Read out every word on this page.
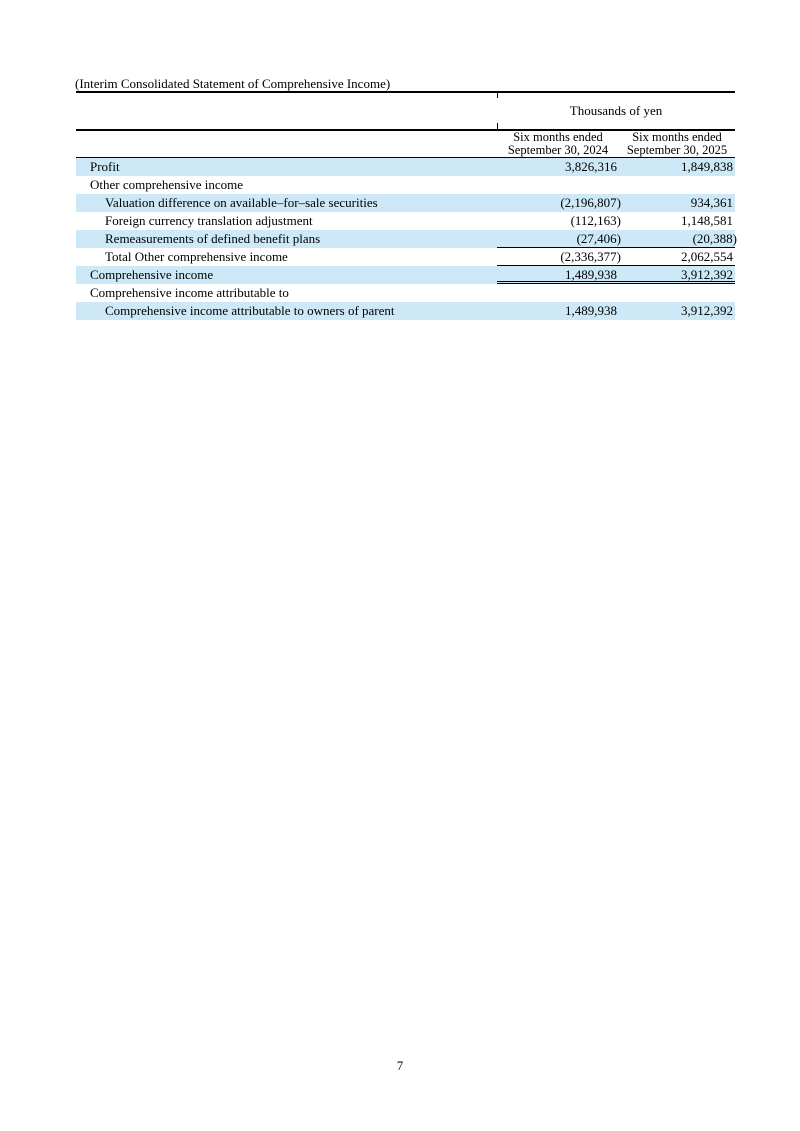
(Interim Consolidated Statement of Comprehensive Income)
Thousands of yen
Six months ended
September 30, 2024
Six months ended
September 30, 2025
Profit	3,826,316	1,849,838
Other comprehensive income
Valuation difference on available–for–sale securities	(2,196,807)	934,361
Foreign currency translation adjustment	(112,163)	1,148,581
Remeasurements of defined benefit plans	(27,406)	(20,388)
Total Other comprehensive income	(2,336,377)	2,062,554
Comprehensive income	1,489,938	3,912,392
Comprehensive income attributable to
Comprehensive income attributable to owners of parent	1,489,938	3,912,392
7
